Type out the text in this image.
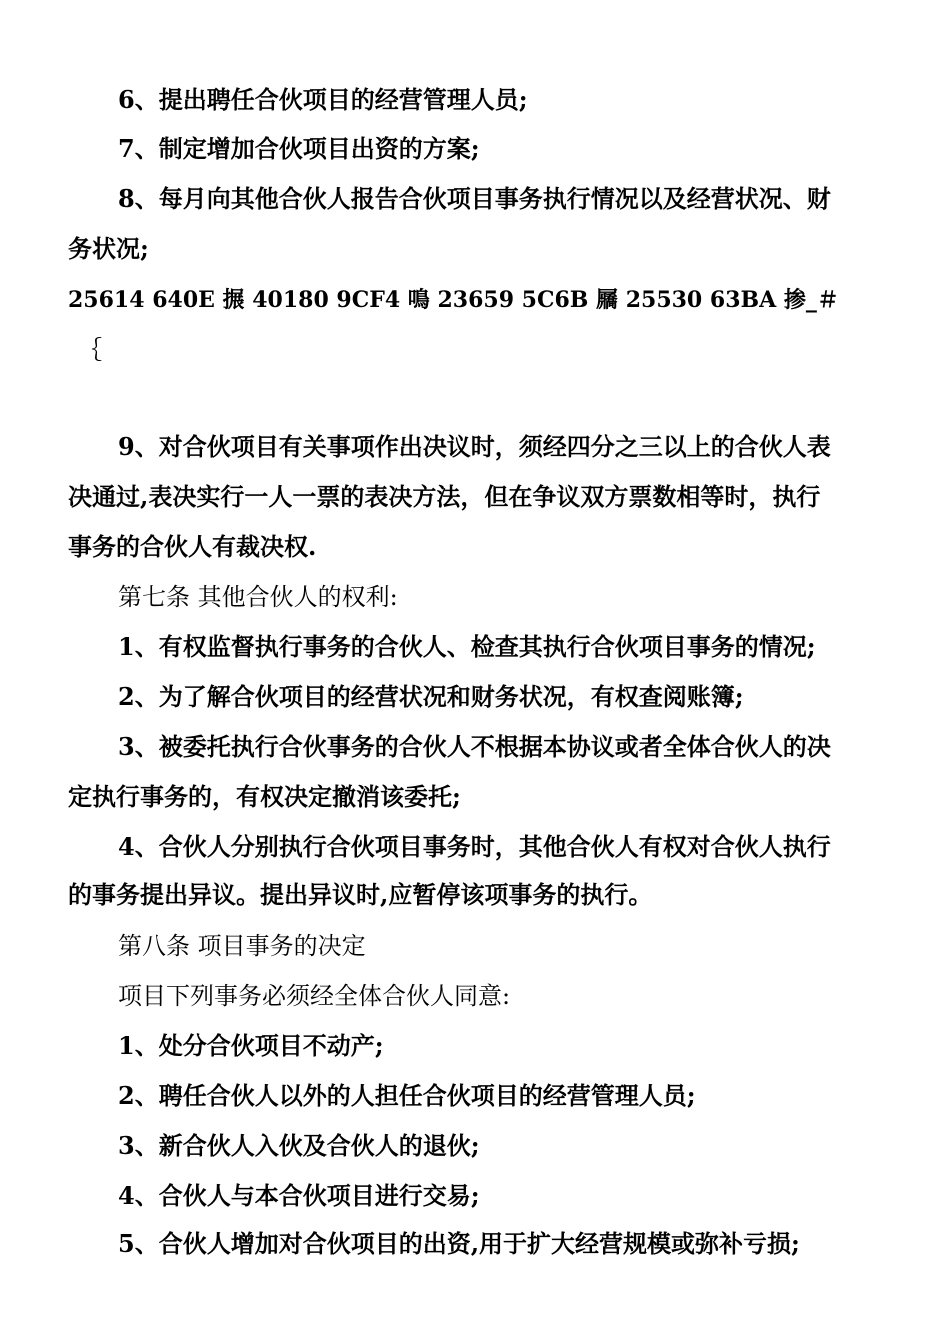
6、提出聘任合伙项目的经营管理人员;
7、制定增加合伙项目出资的方案;
8、每月向其他合伙人报告合伙项目事务执行情况以及经营状况、财
务状况;
25614 640E 搌 40180 9CF4 鳴 23659 5C6B 屫 25530 63BA 掺_＃
｛
9、对合伙项目有关事项作出决议时，须经四分之三以上的合伙人表
决通过,表决实行一人一票的表决方法，但在争议双方票数相等时，执行
事务的合伙人有裁决权.
第七条 其他合伙人的权利:
1、有权监督执行事务的合伙人、检查其执行合伙项目事务的情况;
2、为了解合伙项目的经营状况和财务状况，有权查阅账簿;
3、被委托执行合伙事务的合伙人不根据本协议或者全体合伙人的决
定执行事务的，有权决定撤消该委托;
4、合伙人分别执行合伙项目事务时，其他合伙人有权对合伙人执行
的事务提出异议。提出异议时,应暂停该项事务的执行。
第八条 项目事务的决定
项目下列事务必须经全体合伙人同意:
1、处分合伙项目不动产;
2、聘任合伙人以外的人担任合伙项目的经营管理人员;
3、新合伙人入伙及合伙人的退伙;
4、合伙人与本合伙项目进行交易;
5、合伙人增加对合伙项目的出资,用于扩大经营规模或弥补亏损;
